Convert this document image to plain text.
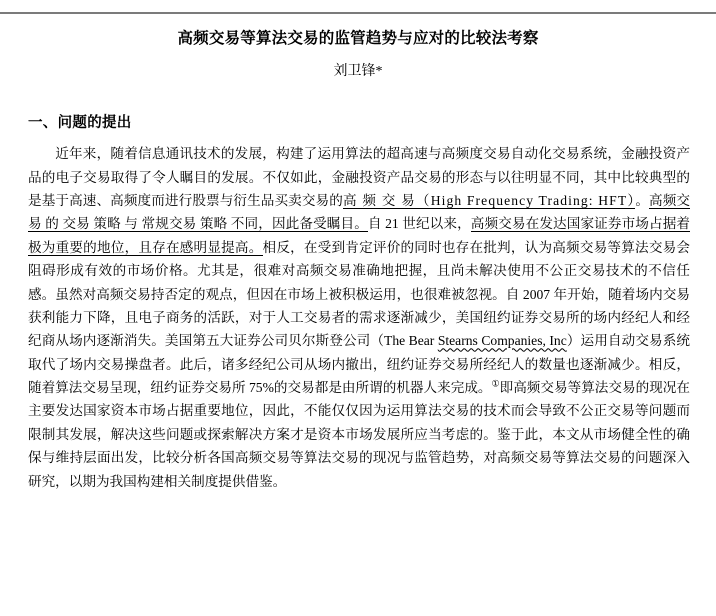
高频交易等算法交易的监管趋势与应对的比较法考察

刘卫锋*

一、问题的提出

近年来，随着信息通讯技术的发展，构建了运用算法的超高速与高频度交易自动化交易系统，金融投资产品的电子交易取得了令人瞩目的发展。不仅如此，金融投资产品交易的形态与以往明显不同，其中比较典型的是基于高速、高频度而进行股票与衍生品买卖交易的高 频 交 易（High Frequency Trading: HFT）。高频交易 的 交易 策略 与 常规交易 策略 不同，因此备受瞩目。自 21 世纪以来，高频交易在发达国家证券市场占据着极为重要的地位，且存在感明显提高。相反，在受到肯定评价的同时也存在批判，认为高频交易等算法交易会阻碍形成有效的市场价格。尤其是，很难对高频交易准确地把握，且尚未解决使用不公正交易技术的不信任感。虽然对高频交易持否定的观点，但因在市场上被积极运用，也很难被忽视。自 2007 年开始，随着场内交易获利能力下降，且电子商务的活跃，对于人工交易者的需求逐渐减少，美国纽约证券交易所的场内经纪人和经纪商从场内逐渐消失。美国第五大证券公司贝尔斯登公司（The Bear Stearns Companies, Inc）运用自动交易系统取代了场内交易操盘者。此后，诸多经纪公司从场内撤出，纽约证券交易所经纪人的数量也逐渐减少。相反，随着算法交易呈现，纽约证券交易所 75%的交易都是由所谓的机器人来完成。①即高频交易等算法交易的现况在主要发达国家资本市场占据重要地位，因此，不能仅仅因为运用算法交易的技术而会导致不公正交易等问题而限制其发展，解决这些问题或探索解决方案才是资本市场发展所应当考虑的。鉴于此，本文从市场健全性的确保与维持层面出发，比较分析各国高频交易等算法交易的现况与监管趋势，对高频交易等算法交易的问题深入研究，以期为我国构建相关制度提供借鉴。
